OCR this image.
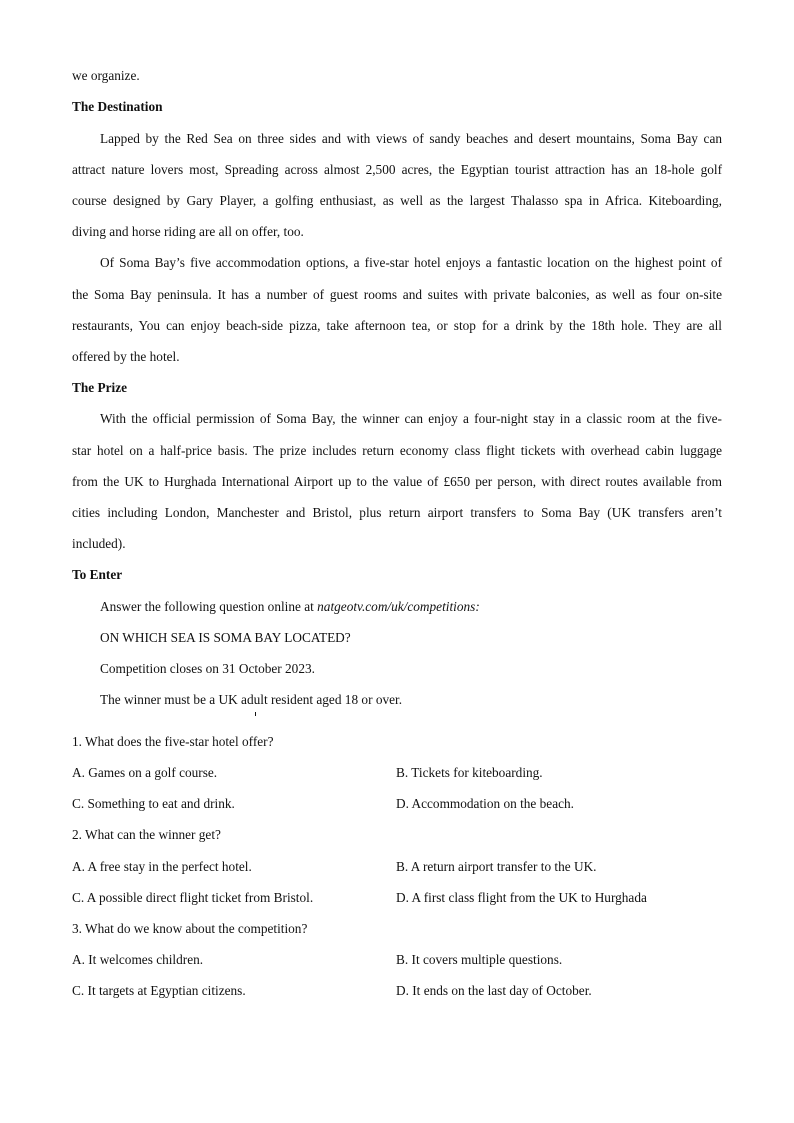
we organize.
The Destination
Lapped by the Red Sea on three sides and with views of sandy beaches and desert mountains, Soma Bay can
attract nature lovers most, Spreading across almost 2,500 acres, the Egyptian tourist attraction has an 18-hole golf
course designed by Gary Player, a golfing enthusiast, as well as the largest Thalasso spa in Africa. Kiteboarding,
diving and horse riding are all on offer, too.
Of Soma Bay’s five accommodation options, a five-star hotel enjoys a fantastic location on the highest point of
the Soma Bay peninsula. It has a number of guest rooms and suites with private balconies, as well as four on-site
restaurants, You can enjoy beach-side pizza, take afternoon tea, or stop for a drink by the 18th hole. They are all
offered by the hotel.
The Prize
With the official permission of Soma Bay, the winner can enjoy a four-night stay in a classic room at the five-
star hotel on a half-price basis. The prize includes return economy class flight tickets with overhead cabin luggage
from the UK to Hurghada International Airport up to the value of £650 per person, with direct routes available from
cities including London, Manchester and Bristol, plus return airport transfers to Soma Bay (UK transfers aren’t
included).
To Enter
Answer the following question online at natgeotv.com/uk/competitions:
ON WHICH SEA IS SOMA BAY LOCATED?
Competition closes on 31 October 2023.
The winner must be a UK adult resident aged 18 or over.
1. What does the five-star hotel offer?
A. Games on a golf course.	B. Tickets for kiteboarding.
C. Something to eat and drink.	D. Accommodation on the beach.
2. What can the winner get?
A. A free stay in the perfect hotel.	B. A return airport transfer to the UK.
C. A possible direct flight ticket from Bristol.	D. A first class flight from the UK to Hurghada
3. What do we know about the competition?
A. It welcomes children.	B. It covers multiple questions.
C. It targets at Egyptian citizens.	D. It ends on the last day of October.
